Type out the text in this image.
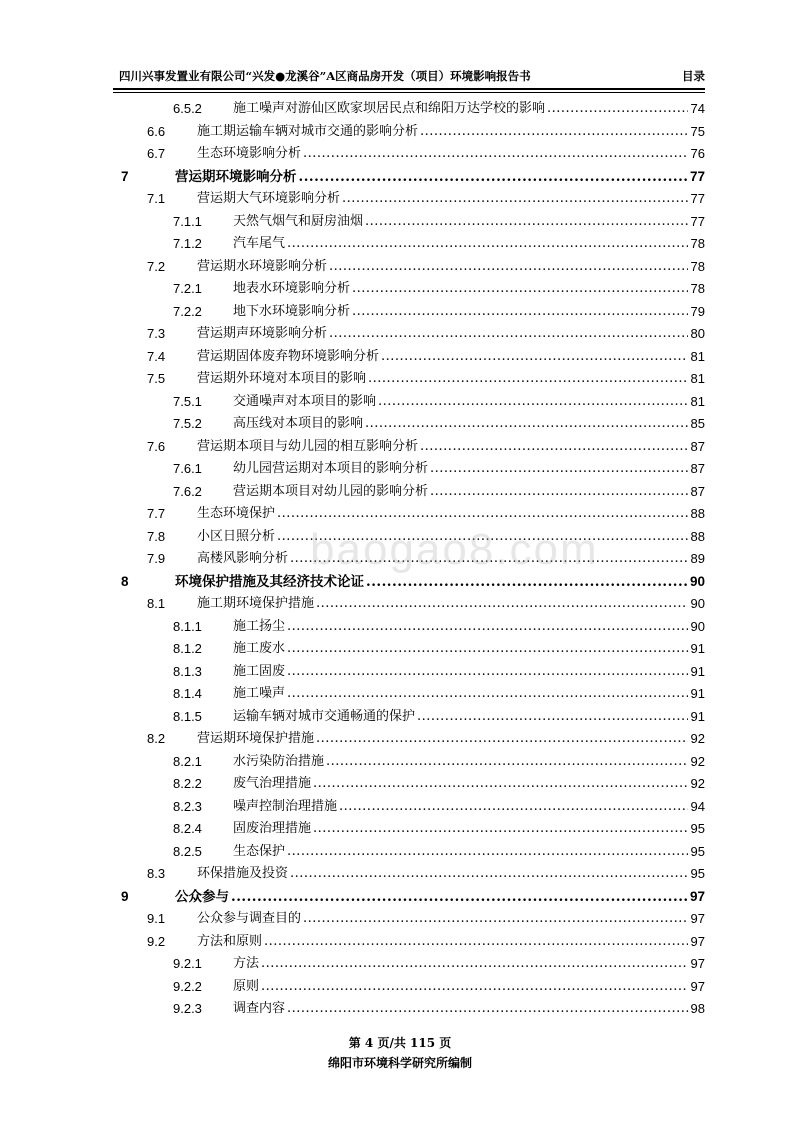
四川兴事发置业有限公司“兴发●龙溪谷”A区商品房开发（项目）环境影响报告书	目录
6.5.2 施工噪声对游仙区欧家坝居民点和绵阳万达学校的影响 .....	74
6.6 施工期运输车辆对城市交通的影响分析 .....	75
6.7 生态环境影响分析 .....	76
7	营运期环境影响分析 .....	77
7.1 营运期大气环境影响分析 .....	77
7.1.1 天然气烟气和厨房油烟 .....	77
7.1.2 汽车尾气 .....	78
7.2 营运期水环境影响分析 .....	78
7.2.1 地表水环境影响分析 .....	78
7.2.2 地下水环境影响分析 .....	79
7.3 营运期声环境影响分析 .....	80
7.4 营运期固体废弃物环境影响分析 .....	81
7.5 营运期外环境对本项目的影响 .....	81
7.5.1 交通噪声对本项目的影响 .....	81
7.5.2 高压线对本项目的影响 .....	85
7.6 营运期本项目与幼儿园的相互影响分析 .....	87
7.6.1 幼儿园营运期对本项目的影响分析 .....	87
7.6.2 营运期本项目对幼儿园的影响分析 .....	87
7.7 生态环境保护 .....	88
7.8 小区日照分析 .....	88
7.9 高楼风影响分析 .....	89
8	环境保护措施及其经济技术论证 .....	90
8.1 施工期环境保护措施 .....	90
8.1.1 施工扬尘 .....	90
8.1.2 施工废水 .....	91
8.1.3 施工固废 .....	91
8.1.4 施工噪声 .....	91
8.1.5 运输车辆对城市交通畅通的保护 .....	91
8.2 营运期环境保护措施 .....	92
8.2.1 水污染防治措施 .....	92
8.2.2 废气治理措施 .....	92
8.2.3 噪声控制治理措施 .....	94
8.2.4 固废治理措施 .....	95
8.2.5 生态保护 .....	95
8.3 环保措施及投资 .....	95
9	公众参与 .....	97
9.1 公众参与调查目的 .....	97
9.2 方法和原则 .....	97
9.2.1 方法 .....	97
9.2.2 原则 .....	97
9.2.3 调查内容 .....	98
baogao8.com
第 4 页/共 115 页
绵阳市环境科学研究所编制
